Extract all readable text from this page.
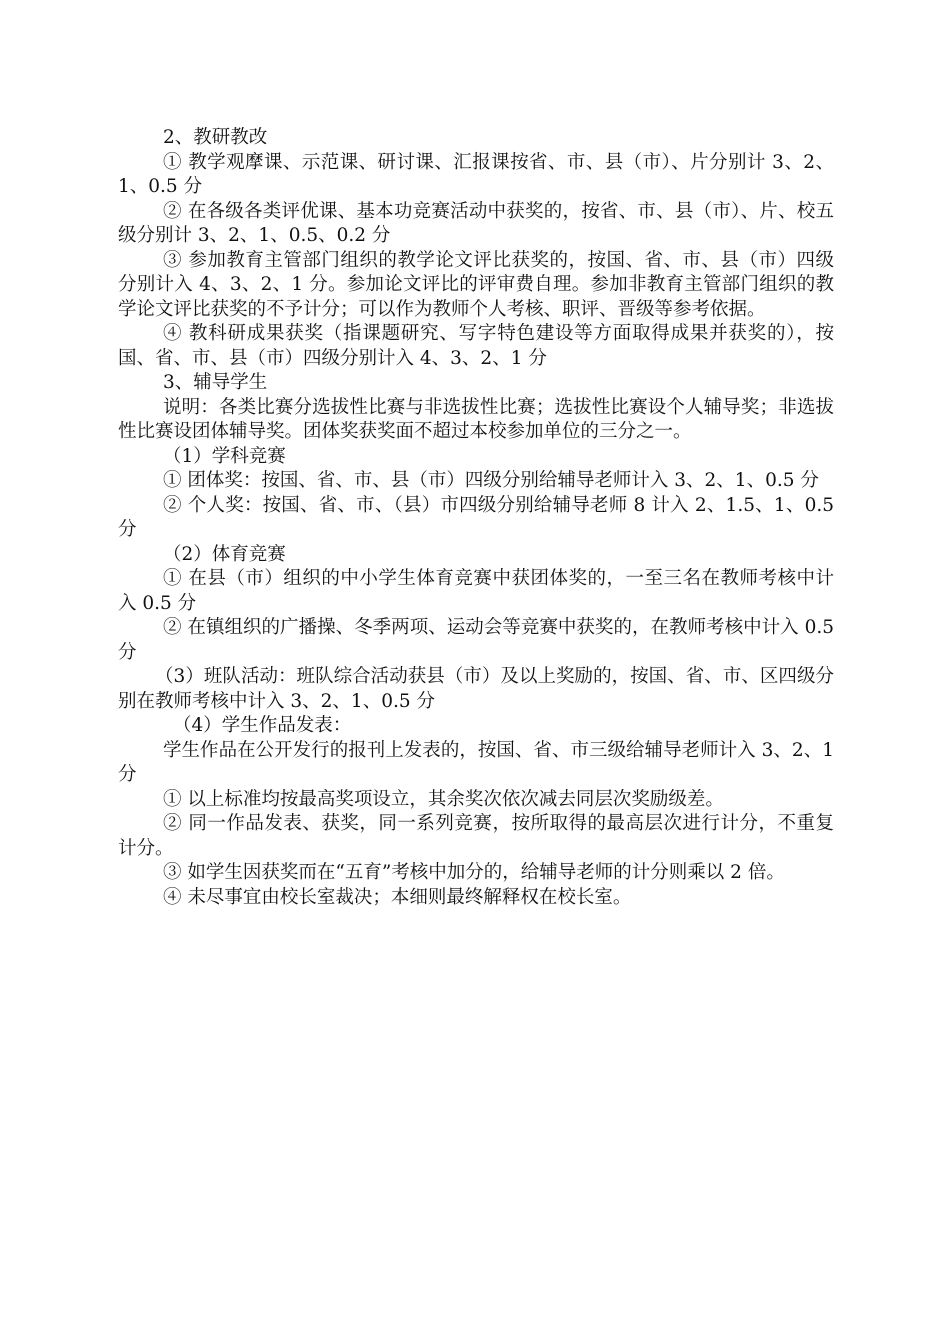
2、教研教改

① 教学观摩课、示范课、研讨课、汇报课按省、市、县（市）、片分别计 3、2、1、0.5 分

② 在各级各类评优课、基本功竞赛活动中获奖的，按省、市、县（市）、片、校五级分别计 3、2、1、0.5、0.2 分

③ 参加教育主管部门组织的教学论文评比获奖的，按国、省、市、县（市）四级分别计入 4、3、2、1 分。参加论文评比的评审费自理。参加非教育主管部门组织的教学论文评比获奖的不予计分；可以作为教师个人考核、职评、晋级等参考依据。

④ 教科研成果获奖（指课题研究、写字特色建设等方面取得成果并获奖的），按国、省、市、县（市）四级分别计入 4、3、2、1 分

3、辅导学生

说明：各类比赛分选拔性比赛与非选拔性比赛；选拔性比赛设个人辅导奖；非选拔性比赛设团体辅导奖。团体奖获奖面不超过本校参加单位的三分之一。

（1）学科竞赛

① 团体奖：按国、省、市、县（市）四级分别给辅导老师计入 3、2、1、0.5 分

② 个人奖：按国、省、市、（县）市四级分别给辅导老师 8 计入 2、1.5、1、0.5 分

（2）体育竞赛

① 在县（市）组织的中小学生体育竞赛中获团体奖的，一至三名在教师考核中计入 0.5 分

② 在镇组织的广播操、冬季两项、运动会等竞赛中获奖的，在教师考核中计入 0.5 分

（3）班队活动：班队综合活动获县（市）及以上奖励的，按国、省、市、区四级分别在教师考核中计入 3、2、1、0.5 分

（4）学生作品发表：

学生作品在公开发行的报刊上发表的，按国、省、市三级给辅导老师计入 3、2、1 分

① 以上标准均按最高奖项设立，其余奖次依次减去同层次奖励级差。

② 同一作品发表、获奖，同一系列竞赛，按所取得的最高层次进行计分，不重复计分。

③ 如学生因获奖而在“五育”考核中加分的，给辅导老师的计分则乘以 2 倍。

④ 未尽事宜由校长室裁决；本细则最终解释权在校长室。
